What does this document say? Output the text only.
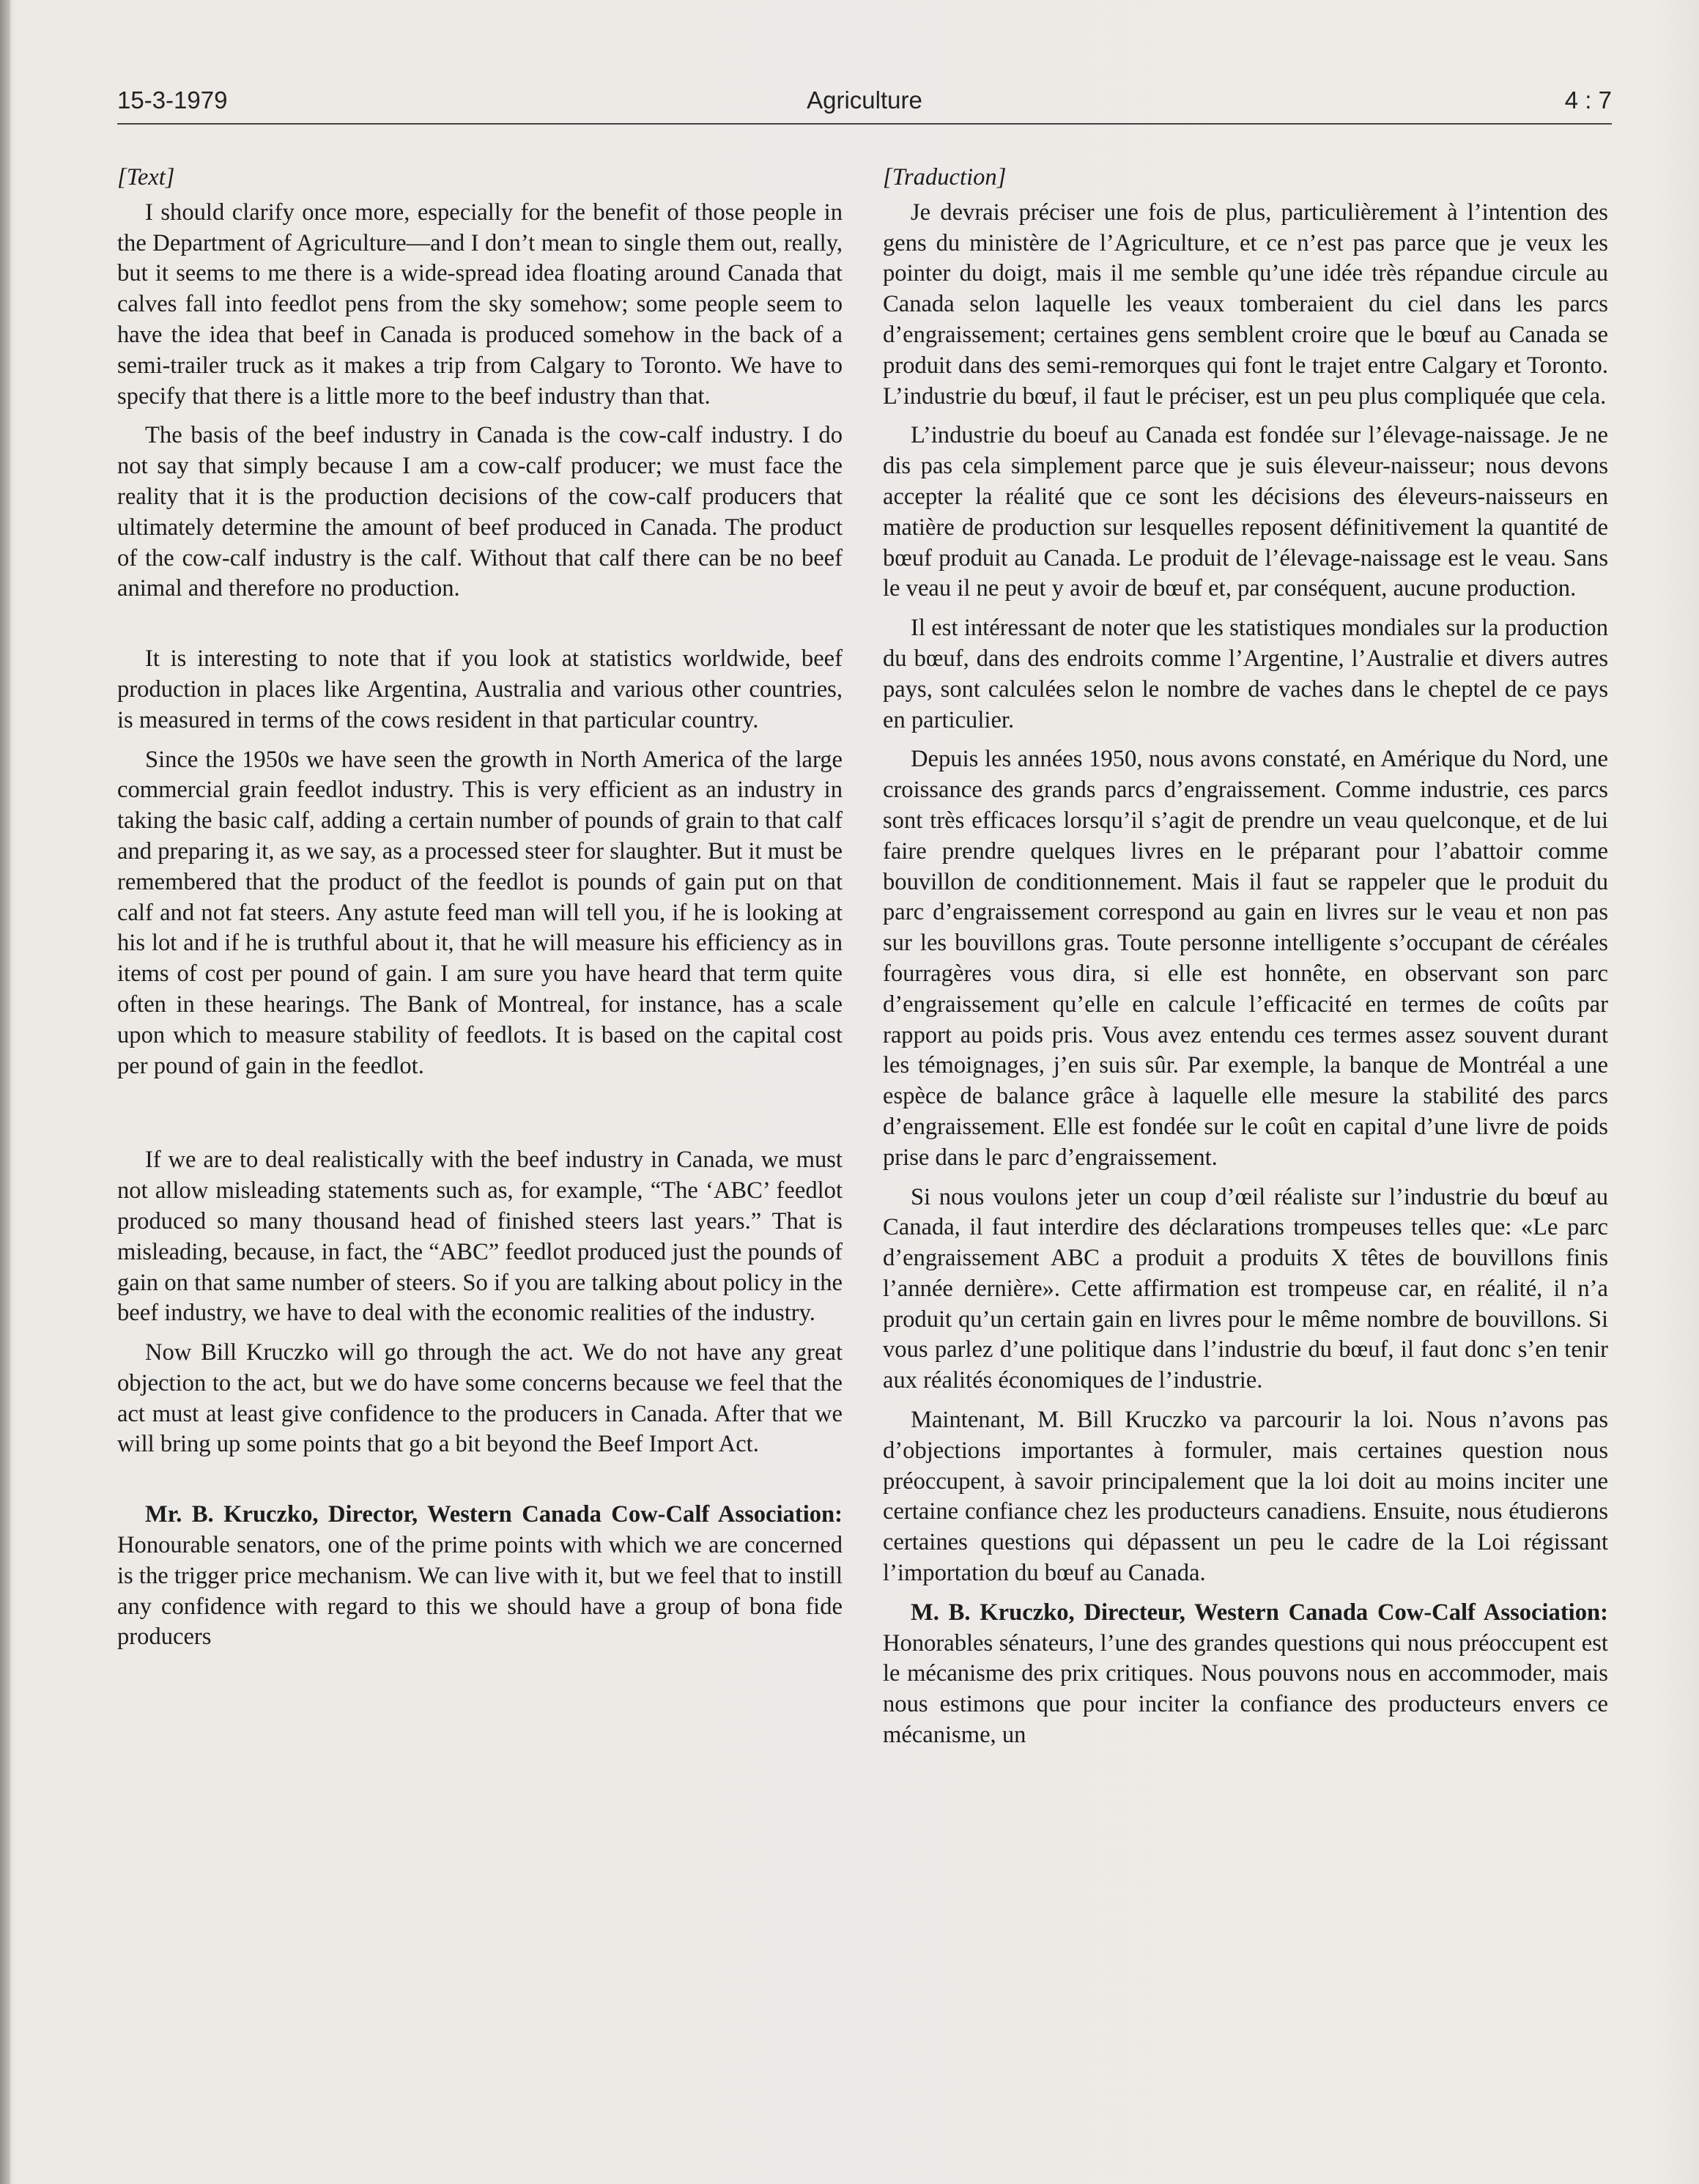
15-3-1979	Agriculture	4 : 7
[Text]

I should clarify once more, especially for the benefit of those people in the Department of Agriculture—and I don’t mean to single them out, really, but it seems to me there is a wide-spread idea floating around Canada that calves fall into feedlot pens from the sky somehow; some people seem to have the idea that beef in Canada is produced somehow in the back of a semi-trailer truck as it makes a trip from Calgary to Toronto. We have to specify that there is a little more to the beef industry than that.

The basis of the beef industry in Canada is the cow-calf industry. I do not say that simply because I am a cow-calf producer; we must face the reality that it is the production decisions of the cow-calf producers that ultimately determine the amount of beef produced in Canada. The product of the cow-calf industry is the calf. Without that calf there can be no beef animal and therefore no production.

It is interesting to note that if you look at statistics worldwide, beef production in places like Argentina, Australia and various other countries, is measured in terms of the cows resident in that particular country.

Since the 1950s we have seen the growth in North America of the large commercial grain feedlot industry. This is very efficient as an industry in taking the basic calf, adding a certain number of pounds of grain to that calf and preparing it, as we say, as a processed steer for slaughter. But it must be remembered that the product of the feedlot is pounds of gain put on that calf and not fat steers. Any astute feed man will tell you, if he is looking at his lot and if he is truthful about it, that he will measure his efficiency as in items of cost per pound of gain. I am sure you have heard that term quite often in these hearings. The Bank of Montreal, for instance, has a scale upon which to measure stability of feedlots. It is based on the capital cost per pound of gain in the feedlot.

If we are to deal realistically with the beef industry in Canada, we must not allow misleading statements such as, for example, “The ‘ABC’ feedlot produced so many thousand head of finished steers last years.” That is misleading, because, in fact, the “ABC” feedlot produced just the pounds of gain on that same number of steers. So if you are talking about policy in the beef industry, we have to deal with the economic realities of the industry.

Now Bill Kruczko will go through the act. We do not have any great objection to the act, but we do have some concerns because we feel that the act must at least give confidence to the producers in Canada. After that we will bring up some points that go a bit beyond the Beef Import Act.

Mr. B. Kruczko, Director, Western Canada Cow-Calf Association: Honourable senators, one of the prime points with which we are concerned is the trigger price mechanism. We can live with it, but we feel that to instill any confidence with regard to this we should have a group of bona fide producers

[Traduction]

Je devrais préciser une fois de plus, particulièrement à l’intention des gens du ministère de l’Agriculture, et ce n’est pas parce que je veux les pointer du doigt, mais il me semble qu’une idée très répandue circule au Canada selon laquelle les veaux tomberaient du ciel dans les parcs d’engraissement; certaines gens semblent croire que le bœuf au Canada se produit dans des semi-remorques qui font le trajet entre Calgary et Toronto. L’industrie du bœuf, il faut le préciser, est un peu plus compliquée que cela.

L’industrie du boeuf au Canada est fondée sur l’élevage-naissage. Je ne dis pas cela simplement parce que je suis éleveur-naisseur; nous devons accepter la réalité que ce sont les décisions des éleveurs-naisseurs en matière de production sur lesquelles reposent définitivement la quantité de bœuf produit au Canada. Le produit de l’élevage-naissage est le veau. Sans le veau il ne peut y avoir de bœuf et, par conséquent, aucune production.

Il est intéressant de noter que les statistiques mondiales sur la production du bœuf, dans des endroits comme l’Argentine, l’Australie et divers autres pays, sont calculées selon le nombre de vaches dans le cheptel de ce pays en particulier.

Depuis les années 1950, nous avons constaté, en Amérique du Nord, une croissance des grands parcs d’engraissement. Comme industrie, ces parcs sont très efficaces lorsqu’il s’agit de prendre un veau quelconque, et de lui faire prendre quelques livres en le préparant pour l’abattoir comme bouvillon de conditionnement. Mais il faut se rappeler que le produit du parc d’engraissement correspond au gain en livres sur le veau et non pas sur les bouvillons gras. Toute personne intelligente s’occupant de céréales fourragères vous dira, si elle est honnête, en observant son parc d’engraissement qu’elle en calcule l’efficacité en termes de coûts par rapport au poids pris. Vous avez entendu ces termes assez souvent durant les témoignages, j’en suis sûr. Par exemple, la banque de Montréal a une espèce de balance grâce à laquelle elle mesure la stabilité des parcs d’engraissement. Elle est fondée sur le coût en capital d’une livre de poids prise dans le parc d’engraissement.

Si nous voulons jeter un coup d’œil réaliste sur l’industrie du bœuf au Canada, il faut interdire des déclarations trompeuses telles que: «Le parc d’engraissement ABC a produit a produits X têtes de bouvillons finis l’année dernière». Cette affirmation est trompeuse car, en réalité, il n’a produit qu’un certain gain en livres pour le même nombre de bouvillons. Si vous parlez d’une politique dans l’industrie du bœuf, il faut donc s’en tenir aux réalités économiques de l’industrie.

Maintenant, M. Bill Kruczko va parcourir la loi. Nous n’avons pas d’objections importantes à formuler, mais certaines question nous préoccupent, à savoir principalement que la loi doit au moins inciter une certaine confiance chez les producteurs canadiens. Ensuite, nous étudierons certaines questions qui dépassent un peu le cadre de la Loi régissant l’importation du bœuf au Canada.

M. B. Kruczko, Directeur, Western Canada Cow-Calf Association: Honorables sénateurs, l’une des grandes questions qui nous préoccupent est le mécanisme des prix critiques. Nous pouvons nous en accommoder, mais nous estimons que pour inciter la confiance des producteurs envers ce mécanisme, un
